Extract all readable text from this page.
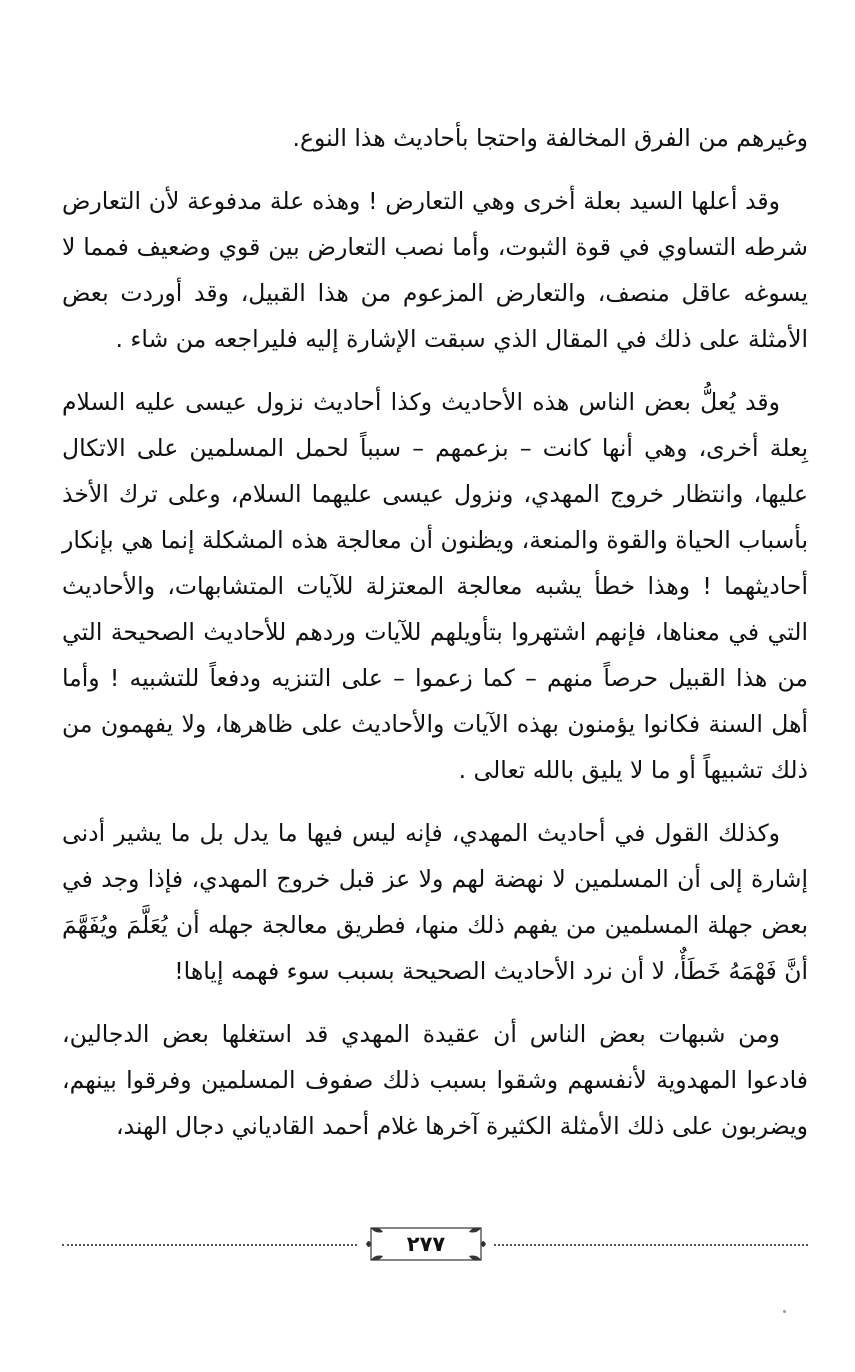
وغيرهم من الفرق المخالفة واحتجا بأحاديث هذا النوع.

وقد أعلها السيد بعلة أخرى وهي التعارض ! وهذه علة مدفوعة لأن التعارض شرطه التساوي في قوة الثبوت، وأما نصب التعارض بين قوي وضعيف فمما لا يسوغه عاقل منصف، والتعارض المزعوم من هذا القبيل، وقد أوردت بعض الأمثلة على ذلك في المقال الذي سبقت الإشارة إليه فليراجعه من شاء .

وقد يُعلُّ بعض الناس هذه الأحاديث وكذا أحاديث نزول عيسى عليه السلام بِعلة أخرى، وهي أنها كانت – بزعمهم – سبباً لحمل المسلمين على الاتكال عليها، وانتظار خروج المهدي، ونزول عيسى عليهما السلام، وعلى ترك الأخذ بأسباب الحياة والقوة والمنعة، ويظنون أن معالجة هذه المشكلة إنما هي بإنكار أحاديثهما ! وهذا خطأ يشبه معالجة المعتزلة للآيات المتشابهات، والأحاديث التي في معناها، فإنهم اشتهروا بتأويلهم للآيات وردهم للأحاديث الصحيحة التي من هذا القبيل حرصاً منهم – كما زعموا – على التنزيه ودفعاً للتشبيه ! وأما أهل السنة فكانوا يؤمنون بهذه الآيات والأحاديث على ظاهرها، ولا يفهمون من ذلك تشبيهاً أو ما لا يليق بالله تعالى .

وكذلك القول في أحاديث المهدي، فإنه ليس فيها ما يدل بل ما يشير أدنى إشارة إلى أن المسلمين لا نهضة لهم ولا عز قبل خروج المهدي، فإذا وجد في بعض جهلة المسلمين من يفهم ذلك منها، فطريق معالجة جهله أن يُعَلَّمَ ويُفَهَّمَ أنَّ فَهْمَهُ خَطَأٌ، لا أن نرد الأحاديث الصحيحة بسبب سوء فهمه إياها!

ومن شبهات بعض الناس أن عقيدة المهدي قد استغلها بعض الدجالين، فادعوا المهدوية لأنفسهم وشقوا بسبب ذلك صفوف المسلمين وفرقوا بينهم، ويضربون على ذلك الأمثلة الكثيرة آخرها غلام أحمد القادياني دجال الهند،

٢٧٧
